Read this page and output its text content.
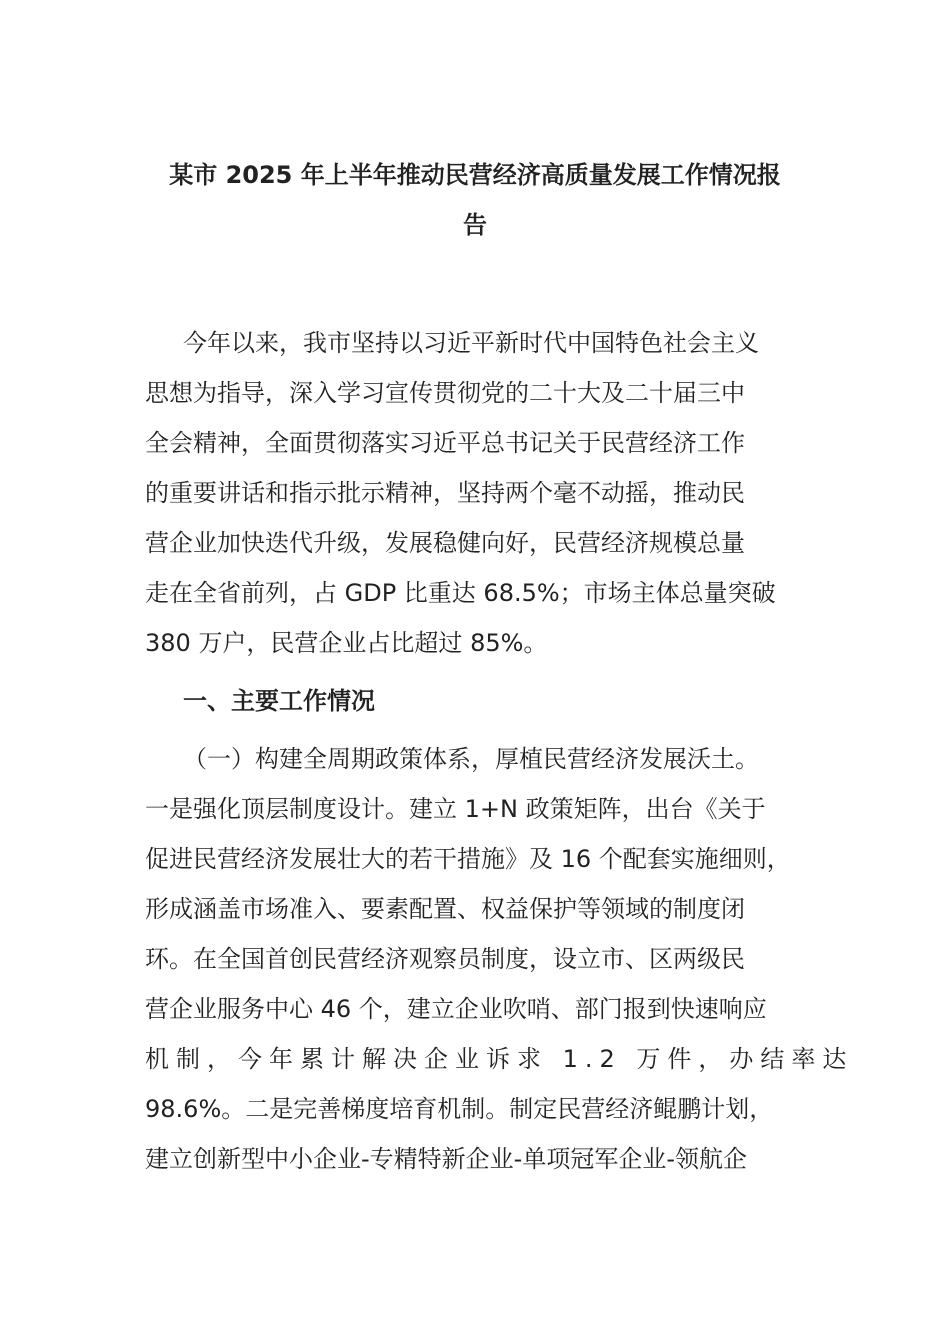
某市 2025 年上半年推动民营经济高质量发展工作情况报
告
今年以来，我市坚持以习近平新时代中国特色社会主义
思想为指导，深入学习宣传贯彻党的二十大及二十届三中
全会精神，全面贯彻落实习近平总书记关于民营经济工作
的重要讲话和指示批示精神，坚持两个毫不动摇，推动民
营企业加快迭代升级，发展稳健向好，民营经济规模总量
走在全省前列，占 GDP 比重达 68.5%；市场主体总量突破
380 万户，民营企业占比超过 85%。
一、主要工作情况
（一）构建全周期政策体系，厚植民营经济发展沃土。
一是强化顶层制度设计。建立 1+N 政策矩阵，出台《关于
促进民营经济发展壮大的若干措施》及 16 个配套实施细则，
形成涵盖市场准入、要素配置、权益保护等领域的制度闭
环。在全国首创民营经济观察员制度，设立市、区两级民
营企业服务中心 46 个，建立企业吹哨、部门报到快速响应
机制，今年累计解决企业诉求 1.2 万件，办结率达
98.6%。二是完善梯度培育机制。制定民营经济鲲鹏计划，
建立创新型中小企业-专精特新企业-单项冠军企业-领航企
